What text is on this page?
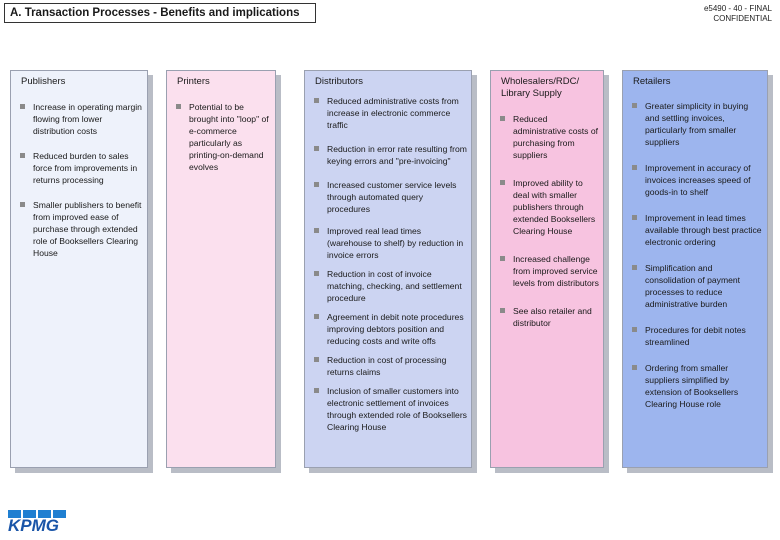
A. Transaction Processes - Benefits and implications	e5490 - 40 - FINAL
CONFIDENTIAL
Publishers
Increase in operating margin flowing from lower distribution costs
Reduced burden to sales force from improvements in returns processing
Smaller publishers to benefit from improved ease of purchase through extended role of Booksellers Clearing House
Printers
Potential to be brought into "loop" of e-commerce particularly as printing-on-demand evolves
Distributors
Reduced administrative costs from increase in electronic commerce traffic
Reduction in error rate resulting from keying errors and "pre-invoicing"
Increased customer service levels through automated query procedures
Improved real lead times (warehouse to shelf) by reduction in invoice errors
Reduction in cost of invoice matching, checking, and settlement procedure
Agreement in debit note procedures improving debtors position and reducing costs and write offs
Reduction in cost of processing returns claims
Inclusion of smaller customers into electronic settlement of invoices through extended role of Booksellers Clearing House
Wholesalers/RDC/ Library Supply
Reduced administrative costs of purchasing from suppliers
Improved ability to deal with smaller publishers through extended Booksellers Clearing House
Increased challenge from improved service levels from distributors
See also retailer and distributor
Retailers
Greater simplicity in buying and settling invoices, particularly from smaller suppliers
Improvement in accuracy of invoices increases speed of goods-in to shelf
Improvement in lead times available through best practice electronic ordering
Simplification and consolidation of payment processes to reduce administrative burden
Procedures for debit notes streamlined
Ordering from smaller suppliers simplified by extension of Booksellers Clearing House role
KPMG
